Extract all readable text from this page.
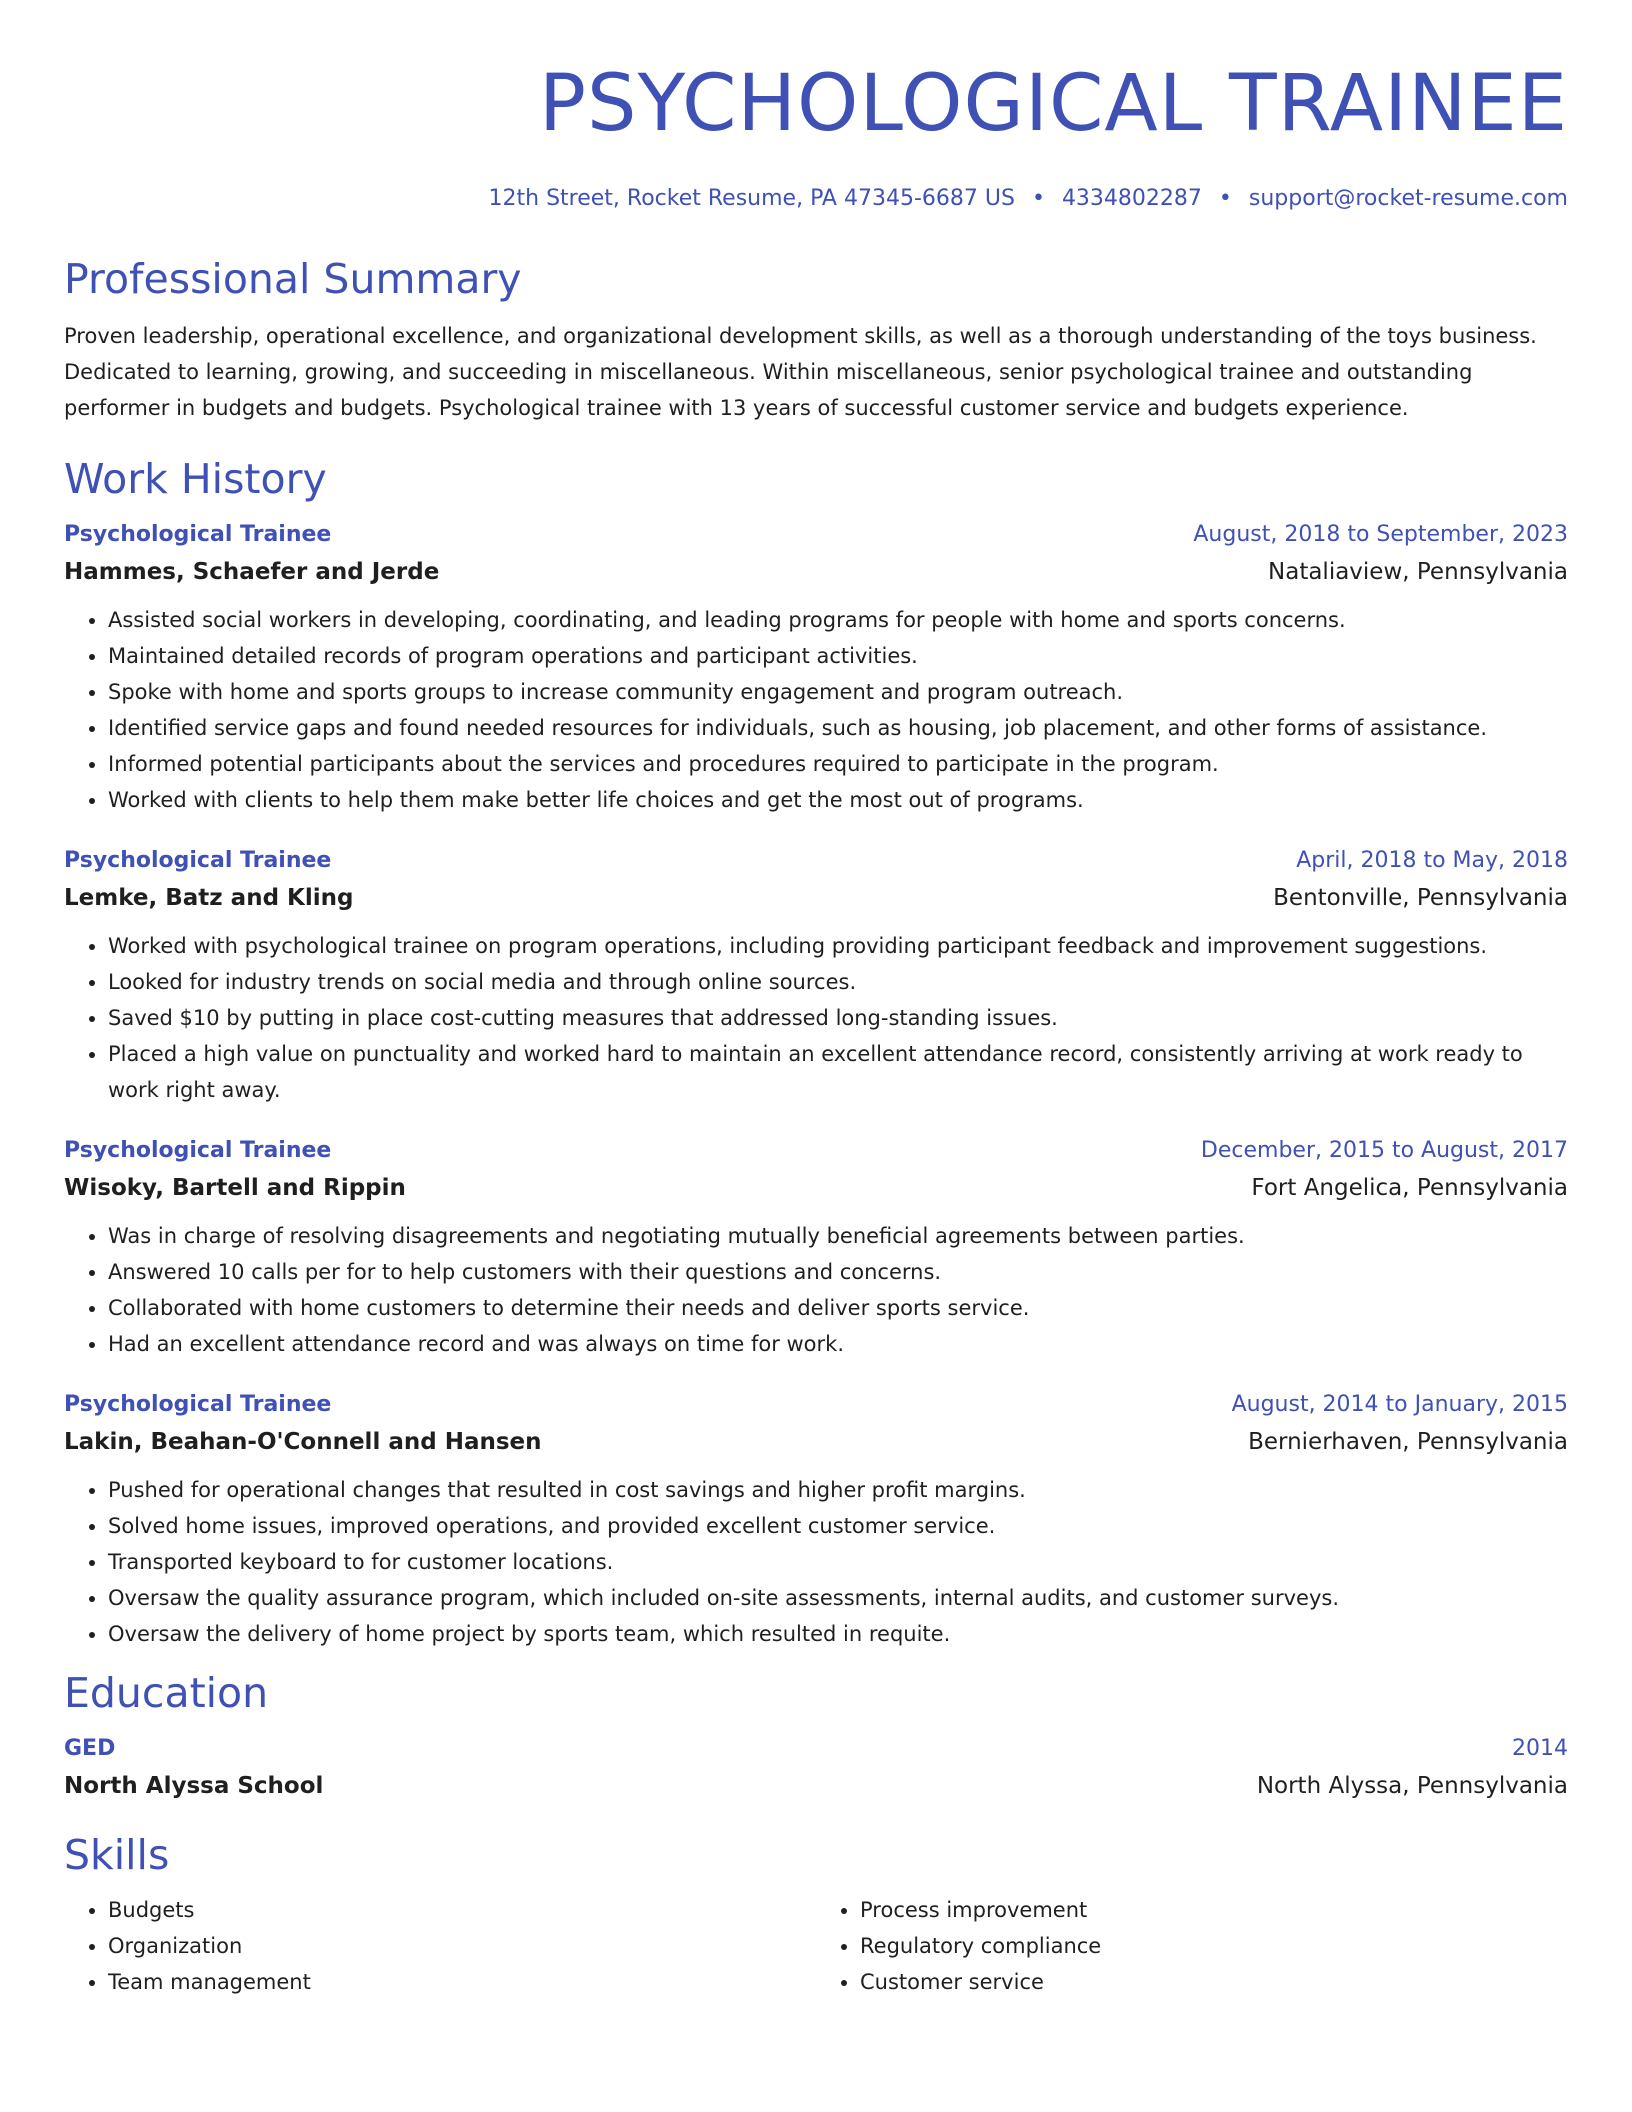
PSYCHOLOGICAL TRAINEE
12th Street, Rocket Resume, PA 47345-6687 US • 4334802287 • support@rocket-resume.com
Professional Summary

Proven leadership, operational excellence, and organizational development skills, as well as a thorough understanding of the toys business. Dedicated to learning, growing, and succeeding in miscellaneous. Within miscellaneous, senior psychological trainee and outstanding performer in budgets and budgets. Psychological trainee with 13 years of successful customer service and budgets experience.

Work History
Psychological Trainee	August, 2018 to September, 2023
Hammes, Schaefer and Jerde	Nataliaview, Pennsylvania
• Assisted social workers in developing, coordinating, and leading programs for people with home and sports concerns.
• Maintained detailed records of program operations and participant activities.
• Spoke with home and sports groups to increase community engagement and program outreach.
• Identified service gaps and found needed resources for individuals, such as housing, job placement, and other forms of assistance.
• Informed potential participants about the services and procedures required to participate in the program.
• Worked with clients to help them make better life choices and get the most out of programs.
Psychological Trainee	April, 2018 to May, 2018
Lemke, Batz and Kling	Bentonville, Pennsylvania
• Worked with psychological trainee on program operations, including providing participant feedback and improvement suggestions.
• Looked for industry trends on social media and through online sources.
• Saved $10 by putting in place cost-cutting measures that addressed long-standing issues.
• Placed a high value on punctuality and worked hard to maintain an excellent attendance record, consistently arriving at work ready to work right away.
Psychological Trainee	December, 2015 to August, 2017
Wisoky, Bartell and Rippin	Fort Angelica, Pennsylvania
• Was in charge of resolving disagreements and negotiating mutually beneficial agreements between parties.
• Answered 10 calls per for to help customers with their questions and concerns.
• Collaborated with home customers to determine their needs and deliver sports service.
• Had an excellent attendance record and was always on time for work.
Psychological Trainee	August, 2014 to January, 2015
Lakin, Beahan-O'Connell and Hansen	Bernierhaven, Pennsylvania
• Pushed for operational changes that resulted in cost savings and higher profit margins.
• Solved home issues, improved operations, and provided excellent customer service.
• Transported keyboard to for customer locations.
• Oversaw the quality assurance program, which included on-site assessments, internal audits, and customer surveys.
• Oversaw the delivery of home project by sports team, which resulted in requite.
Education
GED	2014
North Alyssa School	North Alyssa, Pennsylvania
Skills
• Budgets
• Organization
• Team management
• Process improvement
• Regulatory compliance
• Customer service
